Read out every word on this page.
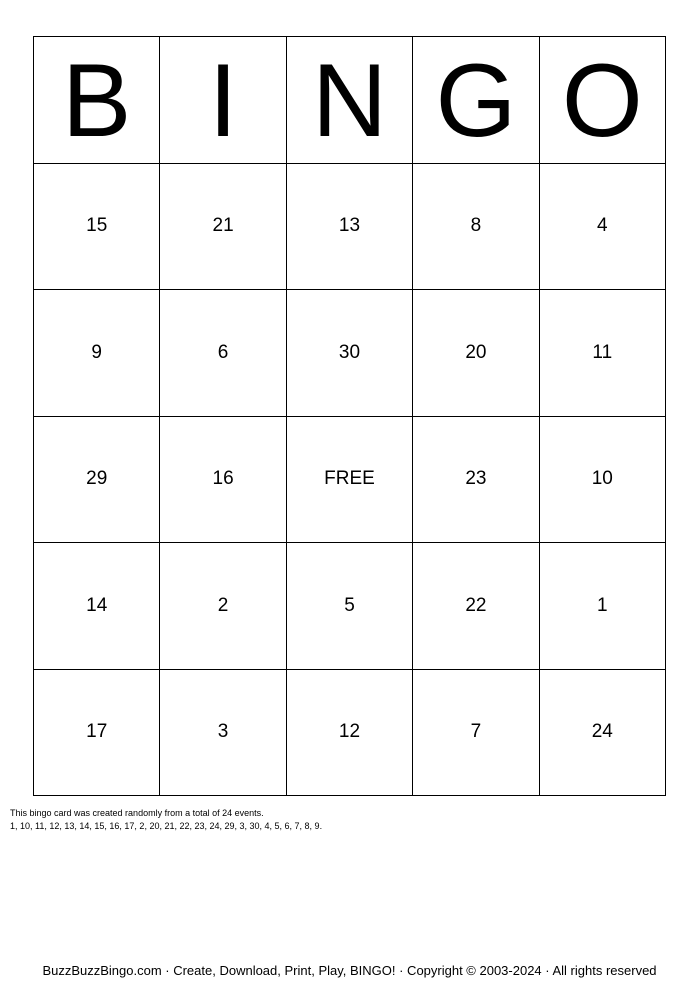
B I N G O
15	21	13	8	4
9	6	30	20	11
29	16	FREE	23	10
14	2	5	22	1
17	3	12	7	24
This bingo card was created randomly from a total of 24 events.
1, 10, 11, 12, 13, 14, 15, 16, 17, 2, 20, 21, 22, 23, 24, 29, 3, 30, 4, 5, 6, 7, 8, 9.
BuzzBuzzBingo.com · Create, Download, Print, Play, BINGO! · Copyright © 2003-2024 · All rights reserved
